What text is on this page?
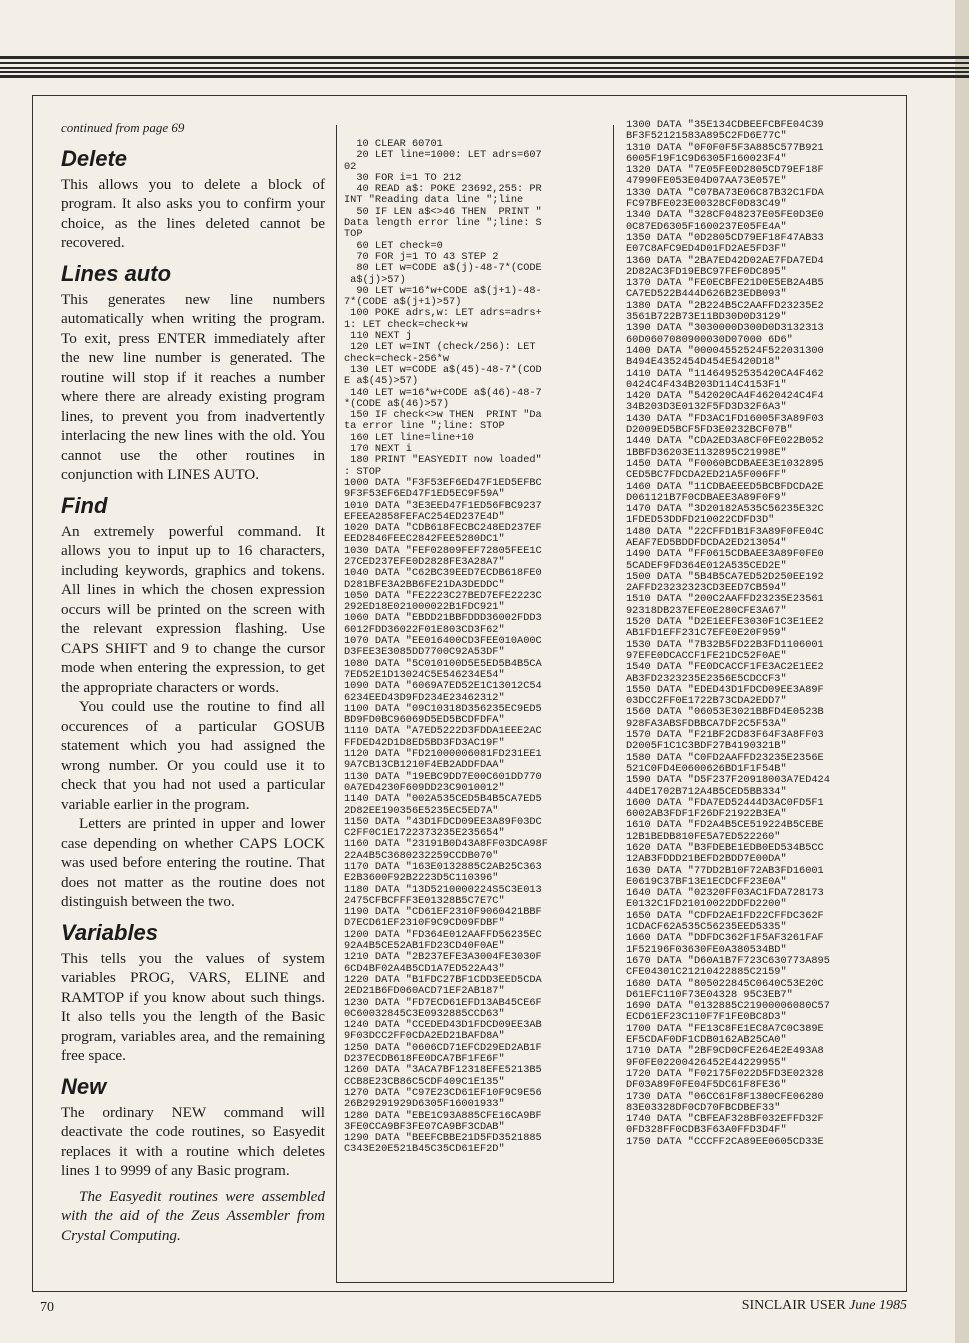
continued from page 69

Delete

This allows you to delete a block of program. It also asks you to confirm your choice, as the lines deleted cannot be recovered.

Lines auto

This generates new line numbers automatically when writing the program. To exit, press ENTER immediately after the new line number is generated. The routine will stop if it reaches a number where there are already existing program lines, to prevent you from inadvertently interlacing the new lines with the old. You cannot use the other routines in conjunction with LINES AUTO.

Find

An extremely powerful command. It allows you to input up to 16 characters, including keywords, graphics and tokens. All lines in which the chosen expression occurs will be printed on the screen with the relevant expression flashing. Use CAPS SHIFT and 9 to change the cursor mode when entering the expression, to get the appropriate characters or words.

You could use the routine to find all occurences of a particular GOSUB statement which you had assigned the wrong number. Or you could use it to check that you had not used a particular variable earlier in the program.

Letters are printed in upper and lower case depending on whether CAPS LOCK was used before entering the routine. That does not matter as the routine does not distinguish between the two.

Variables

This tells you the values of system variables PROG, VARS, ELINE and RAMTOP if you know about such things. It also tells you the length of the Basic program, variables area, and the remaining free space.

New

The ordinary NEW command will deactivate the code routines, so Easyedit replaces it with a routine which deletes lines 1 to 9999 of any Basic program.

The Easyedit routines were assembled with the aid of the Zeus Assembler from Crystal Computing.

10 CLEAR 60701
20 LET line=1000: LET adrs=607
02
30 FOR i=1 TO 212
40 READ a$: POKE 23692,255: PR
INT "Reading data line ";line
50 IF LEN a$<>46 THEN  PRINT "
Data length error line ";line: S
TOP
60 LET check=0
70 FOR j=1 TO 43 STEP 2
80 LET w=CODE a$(j)-48-7*(CODE
a$(j)>57)
90 LET w=16*w+CODE a$(j+1)-48-
7*(CODE a$(j+1)>57)
100 POKE adrs,w: LET adrs=adrs+
1: LET check=check+w
110 NEXT j
120 LET w=INT (check/256): LET
check=check-256*w
130 LET w=CODE a$(45)-48-7*(COD
E a$(45)>57)
140 LET w=16*w+CODE a$(46)-48-7
*(CODE a$(46)>57)
150 IF check<>w THEN  PRINT "Da
ta error line ";line: STOP
160 LET line=line+10
170 NEXT i
180 PRINT "EASYEDIT now loaded"
: STOP
1000 DATA "F3F53EF6ED47F1ED5EFBC
9F3F53EF6ED47F1ED5EC9F59A"
1010 DATA "3E3EED47F1ED56FBC9237
EFEEA2858FEFAC254ED237E4D"
1020 DATA "CDB618FECBC248ED237EF
EED2846FEEC2842FEE5280DC1"
1030 DATA "FEF02809FEF72805FEE1C
27CED237EFE0D2828FE3A28A7"
1040 DATA "C62BC39EED7ECDB618FE0
D281BFE3A2BB6FE21DA3DEDDC"
1050 DATA "FE2223C27BED7EFE2223C
292ED18E021000022B1FDC921"
1060 DATA "EBDD21BBFDDD36002FDD3
6012FDD36022F01E803CD3F62"
1070 DATA "EE016400CD3FEE010A00C
D3FEE3E3085DD7700C92A53DF"
1080 DATA "5C010100D5E5ED5B4B5CA
7ED52E1D13024C5E546234E54"
1090 DATA "6069A7ED52E1C13012C54
6234EED43D9FD234E23462312"
1100 DATA "09C10318D356235EC9ED5
BD9FD0BC96069D5ED5BCDFDFA"
1110 DATA "A7ED5222D3FDDA1EEE2AC
FFDED42D1D8ED5BD3FD3AC19F"
1120 DATA "FD21000006081FD231EE1
9A7CB13CB1210F4EB2ADDFDAA"
1130 DATA "19EBC9DD7E00C601DD770
0A7ED4230F609DD23C9010012"
1140 DATA "002A535CED5B4B5CA7ED5
2D82EE190356E5235EC5ED7A"
1150 DATA "43D1FDCD09EE3A89F03DC
C2FF0C1E1722373235E235654"
1160 DATA "23191B0D43A8FF03DCA98F
22A4B5C3680232259CCDB070"
1170 DATA "163E0132885C2AB25C363
E2B3600F92B2223D5C110396"
1180 DATA "13D5210000224S5C3E013
2475CFBCFFF3E01328B5C7E7C"
1190 DATA "CD61EF2310F9060421BBF
D7ECD61EF2310F9C9CD09FDBF"
1200 DATA "FD364E012AAFFD56235EC
92A4B5CE52AB1FD23CD40F0AE"
1210 DATA "2B237EFE3A3004FE3030F
6CD4BF02A4B5CD1A7ED522A43"
1220 DATA "B1FDC27BF1CDD3EED5CDA
2ED21B6FD060ACD71EF2AB187"
1230 DATA "FD7ECD61EFD13AB45CE6F
0C60032845C3E0932885CCD63"
1240 DATA "CCEDED43D1FDCD09EE3AB
9F03DCC2FF0CDA2ED21BAFD8A"
1250 DATA "0606CD71EFCD29ED2AB1F
D237ECDB618FE0DCA7BF1FE6F"
1260 DATA "3ACA7BF12318EFE5213B5
CCB8E23CB86C5CDF409C1E135"
1270 DATA "C97E23CD61EF10F9C9E56
26B29291929D6305F16001933"
1280 DATA "EBE1C93A885CFE16CA9BF
3FE0CCA9BF3FE07CA9BF3CDAB"
1290 DATA "BEEFCBBE21D5FD3521885
C343E20E521B45C35CD61EF2D"
1300 DATA "35E134CDBEEFCBFE04C39
BF3F52121583A895C2FD6E77C"
1310 DATA "0F0F0F5F3A885C577B921
6005F19F1C9D6305F160023F4"
1320 DATA "7E05FE0D2805CD79EF18F
47990FE053E04D07AA73E057E"
1330 DATA "C07BA73E06C87B32C1FDA
FC97BFE023E00328CF0D83C49"
1340 DATA "328CF048237E05FE0D3E0
0C87ED6305F1600237E05FE4A"
1350 DATA "0D2805CD79EF18F47AB33
E07C8AFC9ED4D01FD2AE5FD3F"
1360 DATA "2BA7ED42D02AE7FDA7ED4
2D82AC3FD19EBC97FEF0DC895"
1370 DATA "FE0ECBFE21D0E5EB2A4B5
CA7ED522B444D626B23EDB093"
1380 DATA "2B224B5C2AAFFD23235E2
3561B722B73E11BD30D0D3129"
1390 DATA "3030000D300D0D3132313
60D0607080900030D07000 6D6"
1400 DATA "00004552524F522031300
B494E4352454D454E5420D18"
1410 DATA "11464952535420CA4F462
0424C4F434B203D114C4153F1"
1420 DATA "542020CA4F4620424C4F4
34B203D3E0132F5FD3D32F6A3"
1430 DATA "FD3AC1FD16005F3A89F03
D2009ED5BCF5FD3E0232BCF07B"
1440 DATA "CDA2ED3A8CF0FE022B052
1BBFD36203E1132895C21998E"
1450 DATA "F0060BCDBAEE3E1032895
CED5BC7FDCDA2ED21A5F006FF"
1460 DATA "11CDBAEEED5BCBFDCDA2E
D061121B7F0CDBAEE3A89F0F9"
1470 DATA "3D20182A535C56235E32C
1FDED53DDFD210022CDFD3D"
1480 DATA "22CFFD1B1F3A89F0FE04C
AEAF7ED5BDDFDCDA2ED213054"
1490 DATA "FF0615CDBAEE3A89F0FE0
5CADEF9FD364E012A535CED2E"
1500 DATA "5B4B5CA7ED52D250EE192
2AFFD23232323CD3EED7CB594"
1510 DATA "200C2AAFFD23235E23561
92318DB237EFE0E280CFE3A67"
1520 DATA "D2E1EEFE3030F1C3E1EE2
AB1FD1EFF231C7EFE0E20F959"
1530 DATA "7B32B5FD22B3FD1106001
97EFE0DCACCF1FE21DC52F0AE"
1540 DATA "FE0DCACCF1FE3AC2E1EE2
AB3FD2323235E2356E5CDCCF3"
1550 DATA "EDED43D1FDCD09EE3A89F
03DCC2FF0E1722B73CDA2EDD7"
1560 DATA "06053E3021BBFD4E0523B
928FA3ABSFDBBCA7DF2C5F53A"
1570 DATA "F21BF2CD83F64F3A8FF03
D2005F1C1C3BDF27B4190321B"
1580 DATA "C0FD2AAFFD23235E2356E
521C0FD4E0600626BD1F1F54B"
1590 DATA "D5F237F20918003A7ED424
44DE1702B712A4B5CED5BB334"
1600 DATA "FDA7ED52444D3AC0FD5F1
6002AB3FDF1F26DF21922B3EA"
1610 DATA "FD2A4B5CE519224B5CEBE
12B1BEDB810FE5A7ED522260"
1620 DATA "B3FDEBE1EDB0ED534B5CC
12AB3FDDD21BEFD2BDD7E00DA"
1630 DATA "77DD2B10F72AB3FD16001
E0619C37BF13E1ECDCFF23E0A"
1640 DATA "02320FF03AC1FDA728173
E0132C1FD21010022DDFD2200"
1650 DATA "CDFD2AE1FD22CFFDC362F
1CDACF62A535C56235EED5335"
1660 DATA "DDFDC362F1F5AF3261FAF
1F52196F03630FE0A380534BD"
1670 DATA "D60A1B7F723C630773A895
CFE04301C21210422885C2159"
1680 DATA "805022845C0640C53E20C
D61EFC110F73E04328 95C3EB7"
1690 DATA "0132885C21900006080C57
ECD61EF23C110F7F1FE0BC8D3"
1700 DATA "FE13C8FE1EC8A7C0C389E
EF5CDAF0DF1CDB0162AB25CA0"
1710 DATA "2BF9CD0CFE264E2E493A8
9F0FE02200426452E44229955"
1720 DATA "F02175F022D5FD3E02328
DF03A89F0FE04F5DC61F8FE36"
1730 DATA "06CC61F8F1380CFE06280
83E03328DF0CD70FBCDBEF33"
1740 DATA "CBFEAF328BF032EFFD32F
0FD328FF0CDB3F63A0FFD3D4F"
1750 DATA "CCCFF2CA89EE0605CD33E
70	SINCLAIR USER June 1985
